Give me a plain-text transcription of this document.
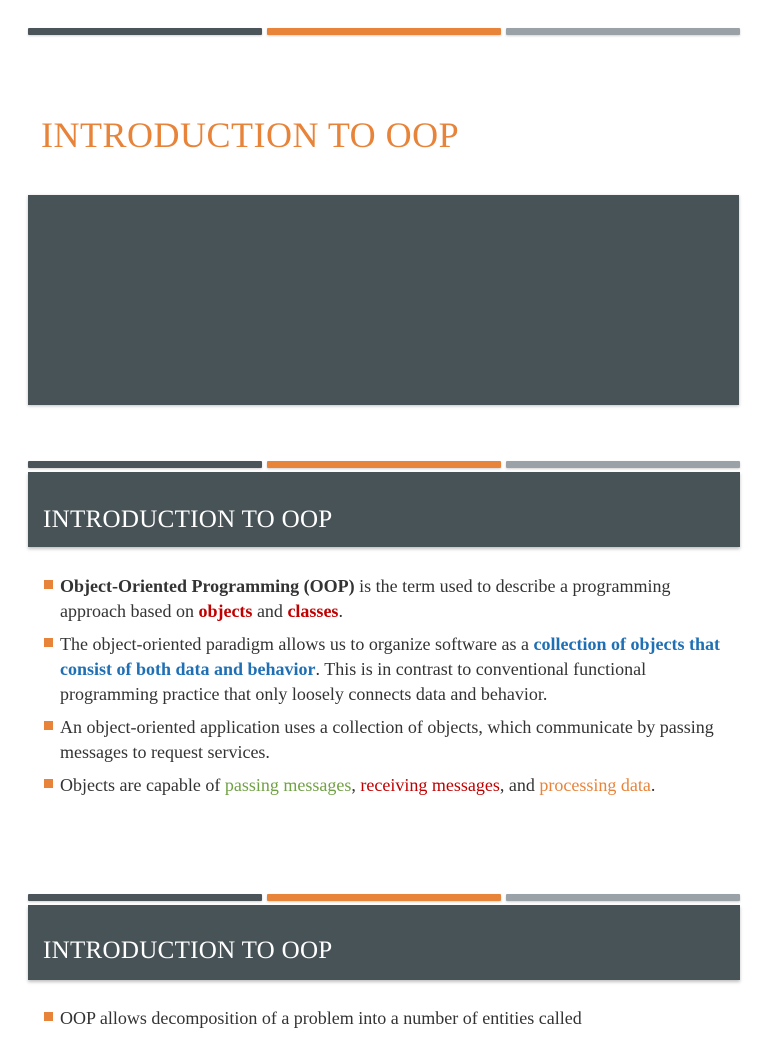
INTRODUCTION TO OOP
INTRODUCTION TO OOP
Object-Oriented Programming (OOP) is the term used to describe a programming approach based on objects and classes.
The object-oriented paradigm allows us to organize software as a collection of objects that consist of both data and behavior. This is in contrast to conventional functional programming practice that only loosely connects data and behavior.
An object-oriented application uses a collection of objects, which communicate by passing messages to request services.
Objects are capable of passing messages, receiving messages, and processing data.
INTRODUCTION TO OOP
OOP allows decomposition of a problem into a number of entities called
